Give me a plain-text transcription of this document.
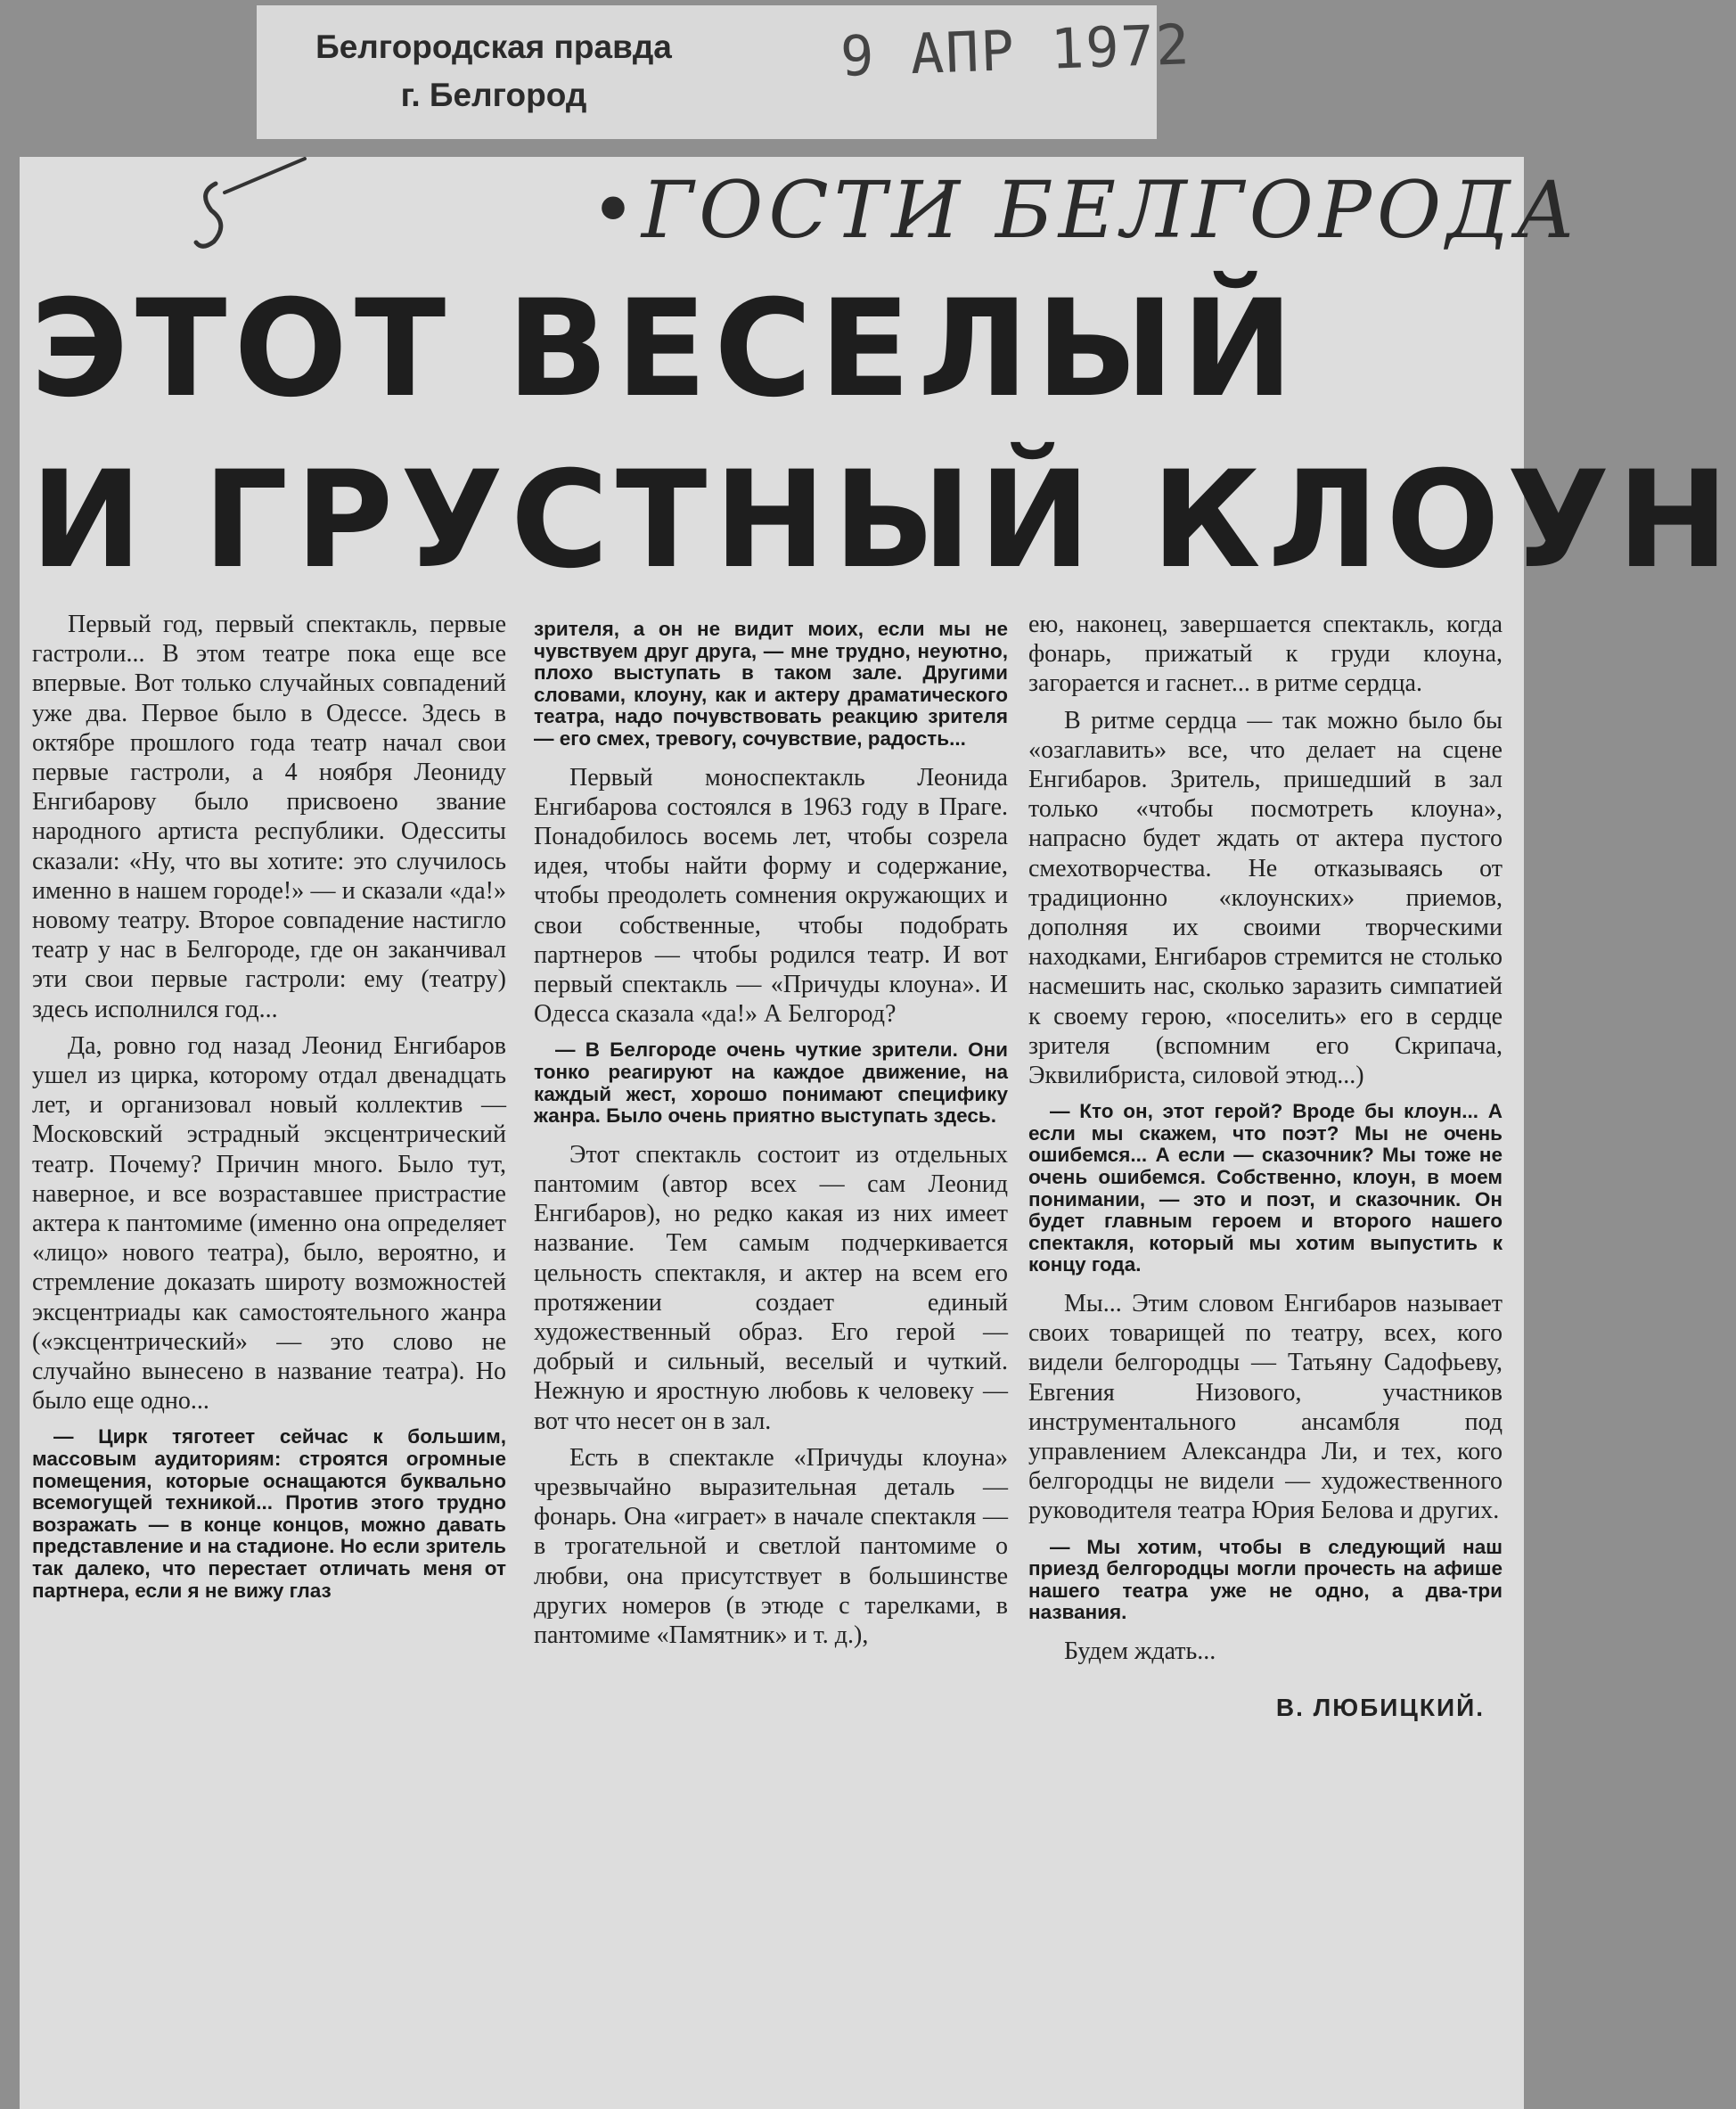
Белгородская правда
г. Белгород
9 АПР 1972
5
•ГОСТИ БЕЛГОРОДА
ЭТОТ ВЕСЕЛЫЙ
И ГРУСТНЫЙ КЛОУН

Первый год, первый спектакль, первые гастроли... В этом театре пока еще все впервые. Вот только случайных совпадений уже два. Первое было в Одессе. Здесь в октябре прошлого года театр начал свои первые гастроли, а 4 ноября Леониду Енгибарову было присвоено звание народного артиста республики. Одесситы сказали: «Ну, что вы хотите: это случилось именно в нашем городе!» — и сказали «да!» новому театру. Второе совпадение настигло театр у нас в Белгороде, где он заканчивал эти свои первые гастроли: ему (театру) здесь исполнился год...

Да, ровно год назад Леонид Енгибаров ушел из цирка, которому отдал двенадцать лет, и организовал новый коллектив — Московский эстрадный эксцентрический театр. Почему? Причин много. Было тут, наверное, и все возраставшее пристрастие актера к пантомиме (именно она определяет «лицо» нового театра), было, вероятно, и стремление доказать широту возможностей эксцентриады как самостоятельного жанра («эксцентрический» — это слово не случайно вынесено в название театра). Но было еще одно...

— Цирк тяготеет сейчас к большим, массовым аудиториям: строятся огромные помещения, которые оснащаются буквально всемогущей техникой... Против этого трудно возражать — в конце концов, можно давать представление и на стадионе. Но если зритель так далеко, что перестает отличать меня от партнера, если я не вижу глаз

зрителя, а он не видит моих, если мы не чувствуем друг друга, — мне трудно, неуютно, плохо выступать в таком зале. Другими словами, клоуну, как и актеру драматического театра, надо почувствовать реакцию зрителя — его смех, тревогу, сочувствие, радость...

Первый моноспектакль Леонида Енгибарова состоялся в 1963 году в Праге. Понадобилось восемь лет, чтобы созрела идея, чтобы найти форму и содержание, чтобы преодолеть сомнения окружающих и свои собственные, чтобы подобрать партнеров — чтобы родился театр. И вот первый спектакль — «Причуды клоуна». И Одесса сказала «да!» А Белгород?

— В Белгороде очень чуткие зрители. Они тонко реагируют на каждое движение, на каждый жест, хорошо понимают специфику жанра. Было очень приятно выступать здесь.

Этот спектакль состоит из отдельных пантомим (автор всех — сам Леонид Енгибаров), но редко какая из них имеет название. Тем самым подчеркивается цельность спектакля, и актер на всем его протяжении создает единый художественный образ. Его герой — добрый и сильный, веселый и чуткий. Нежную и яростную любовь к человеку — вот что несет он в зал.

Есть в спектакле «Причуды клоуна» чрезвычайно выразительная деталь — фонарь. Она «играет» в начале спектакля — в трогательной и светлой пантомиме о любви, она присутствует в большинстве других номеров (в этюде с тарелками, в пантомиме «Памятник» и т. д.),

ею, наконец, завершается спектакль, когда фонарь, прижатый к груди клоуна, загорается и гаснет... в ритме сердца.

В ритме сердца — так можно было бы «озаглавить» все, что делает на сцене Енгибаров. Зритель, пришедший в зал только «чтобы посмотреть клоуна», напрасно будет ждать от актера пустого смехотворчества. Не отказываясь от традиционно «клоунских» приемов, дополняя их своими творческими находками, Енгибаров стремится не столько насмешить нас, сколько заразить симпатией к своему герою, «поселить» его в сердце зрителя (вспомним его Скрипача, Эквилибриста, силовой этюд...)

— Кто он, этот герой? Вроде бы клоун... А если мы скажем, что поэт? Мы не очень ошибемся... А если — сказочник? Мы тоже не очень ошибемся. Собственно, клоун, в моем понимании, — это и поэт, и сказочник. Он будет главным героем и второго нашего спектакля, который мы хотим выпустить к концу года.

Мы... Этим словом Енгибаров называет своих товарищей по театру, всех, кого видели белгородцы — Татьяну Садофьеву, Евгения Низового, участников инструментального ансамбля под управлением Александра Ли, и тех, кого белгородцы не видели — художественного руководителя театра Юрия Белова и других.

— Мы хотим, чтобы в следующий наш приезд белгородцы могли прочесть на афише нашего театра уже не одно, а два-три названия.

Будем ждать...

В. ЛЮБИЦКИЙ.
